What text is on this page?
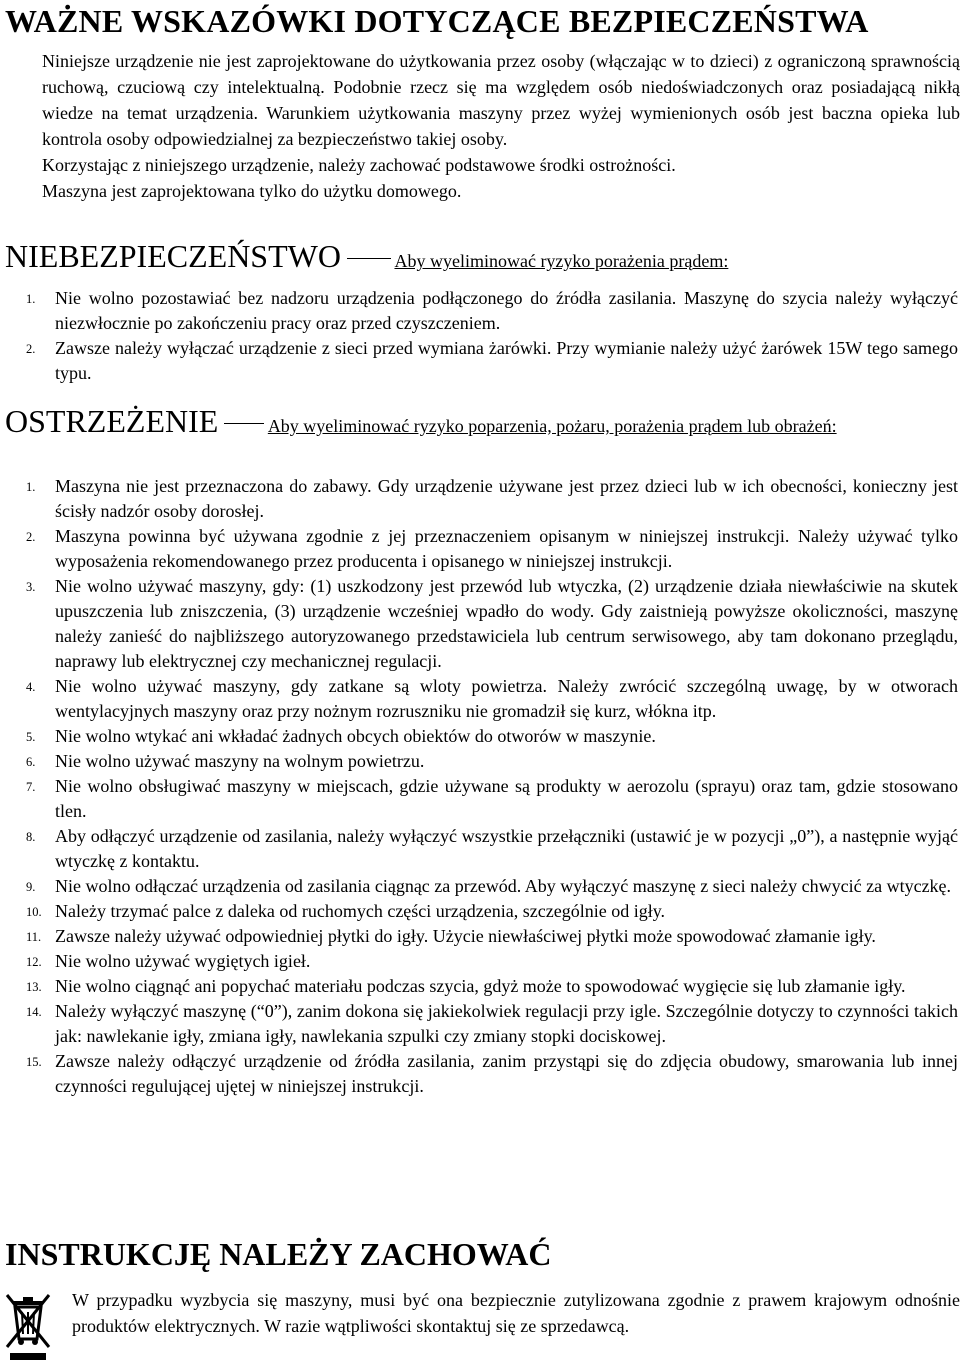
WAŻNE WSKAZÓWKI DOTYCZĄCE BEZPIECZEŃSTWA

Niniejsze urządzenie nie jest zaprojektowane do użytkowania przez osoby (włączając w to dzieci) z ograniczoną sprawnością ruchową, czuciową czy intelektualną. Podobnie rzecz się ma względem osób niedoświadczonych oraz posiadającą nikłą wiedze na temat urządzenia. Warunkiem użytkowania maszyny przez wyżej wymienionych osób jest baczna opieka lub kontrola osoby odpowiedzialnej za bezpieczeństwo takiej osoby.

Korzystając z niniejszego urządzenie, należy zachować podstawowe środki ostrożności.

Maszyna jest zaprojektowana tylko do użytku domowego.

NIEBEZPIECZEŃSTWO	Aby wyeliminować ryzyko porażenia prądem:
1. Nie wolno pozostawiać bez nadzoru urządzenia podłączonego do źródła zasilania. Maszynę do szycia należy wyłączyć niezwłocznie po zakończeniu pracy oraz przed czyszczeniem.
2. Zawsze należy wyłączać urządzenie z sieci przed wymiana żarówki. Przy wymianie należy użyć żarówek 15W tego samego typu.
OSTRZEŻENIE	Aby wyeliminować ryzyko poparzenia, pożaru, porażenia prądem lub obrażeń:
1. Maszyna nie jest przeznaczona do zabawy. Gdy urządzenie używane jest przez dzieci lub w ich obecności, konieczny jest ścisły nadzór osoby dorosłej.
2. Maszyna powinna być używana zgodnie z jej przeznaczeniem opisanym w niniejszej instrukcji. Należy używać tylko wyposażenia rekomendowanego przez producenta i opisanego w niniejszej instrukcji.
3. Nie wolno używać maszyny, gdy: (1) uszkodzony jest przewód lub wtyczka, (2) urządzenie działa niewłaściwie na skutek upuszczenia lub zniszczenia, (3) urządzenie wcześniej wpadło do wody. Gdy zaistnieją powyższe okoliczności, maszynę należy zanieść do najbliższego autoryzowanego przedstawiciela lub centrum serwisowego, aby tam dokonano przeglądu, naprawy lub elektrycznej czy mechanicznej regulacji.
4. Nie wolno używać maszyny, gdy zatkane są wloty powietrza. Należy zwrócić szczególną uwagę, by w otworach wentylacyjnych maszyny oraz przy nożnym rozruszniku nie gromadził się kurz, włókna itp.
5. Nie wolno wtykać ani wkładać żadnych obcych obiektów do otworów w maszynie.
6. Nie wolno używać maszyny na wolnym powietrzu.
7. Nie wolno obsługiwać maszyny w miejscach, gdzie używane są produkty w aerozolu (sprayu) oraz tam, gdzie stosowano tlen.
8. Aby odłączyć urządzenie od zasilania, należy wyłączyć wszystkie przełączniki (ustawić je w pozycji „0”), a następnie wyjąć wtyczkę z kontaktu.
9. Nie wolno odłączać urządzenia od zasilania ciągnąc za przewód. Aby wyłączyć maszynę z sieci należy chwycić za wtyczkę.
10. Należy trzymać palce z daleka od ruchomych części urządzenia, szczególnie od igły.
11. Zawsze należy używać odpowiedniej płytki do igły. Użycie niewłaściwej płytki może spowodować złamanie igły.
12. Nie wolno używać wygiętych igieł.
13. Nie wolno ciągnąć ani popychać materiału podczas szycia, gdyż może to spowodować wygięcie się lub złamanie igły.
14. Należy wyłączyć maszynę (“0”), zanim dokona się jakiekolwiek regulacji przy igle. Szczególnie dotyczy to czynności takich jak: nawlekanie igły, zmiana igły, nawlekania szpulki czy zmiany stopki dociskowej.
15. Zawsze należy odłączyć urządzenie od źródła zasilania, zanim przystąpi się do zdjęcia obudowy, smarowania lub innej czynności regulującej ujętej w niniejszej instrukcji.
INSTRUKCJĘ NALEŻY ZACHOWAĆ

W przypadku wyzbycia się maszyny, musi być ona bezpiecznie zutylizowana zgodnie z prawem krajowym odnośnie produktów elektrycznych. W razie wątpliwości skontaktuj się ze sprzedawcą.
